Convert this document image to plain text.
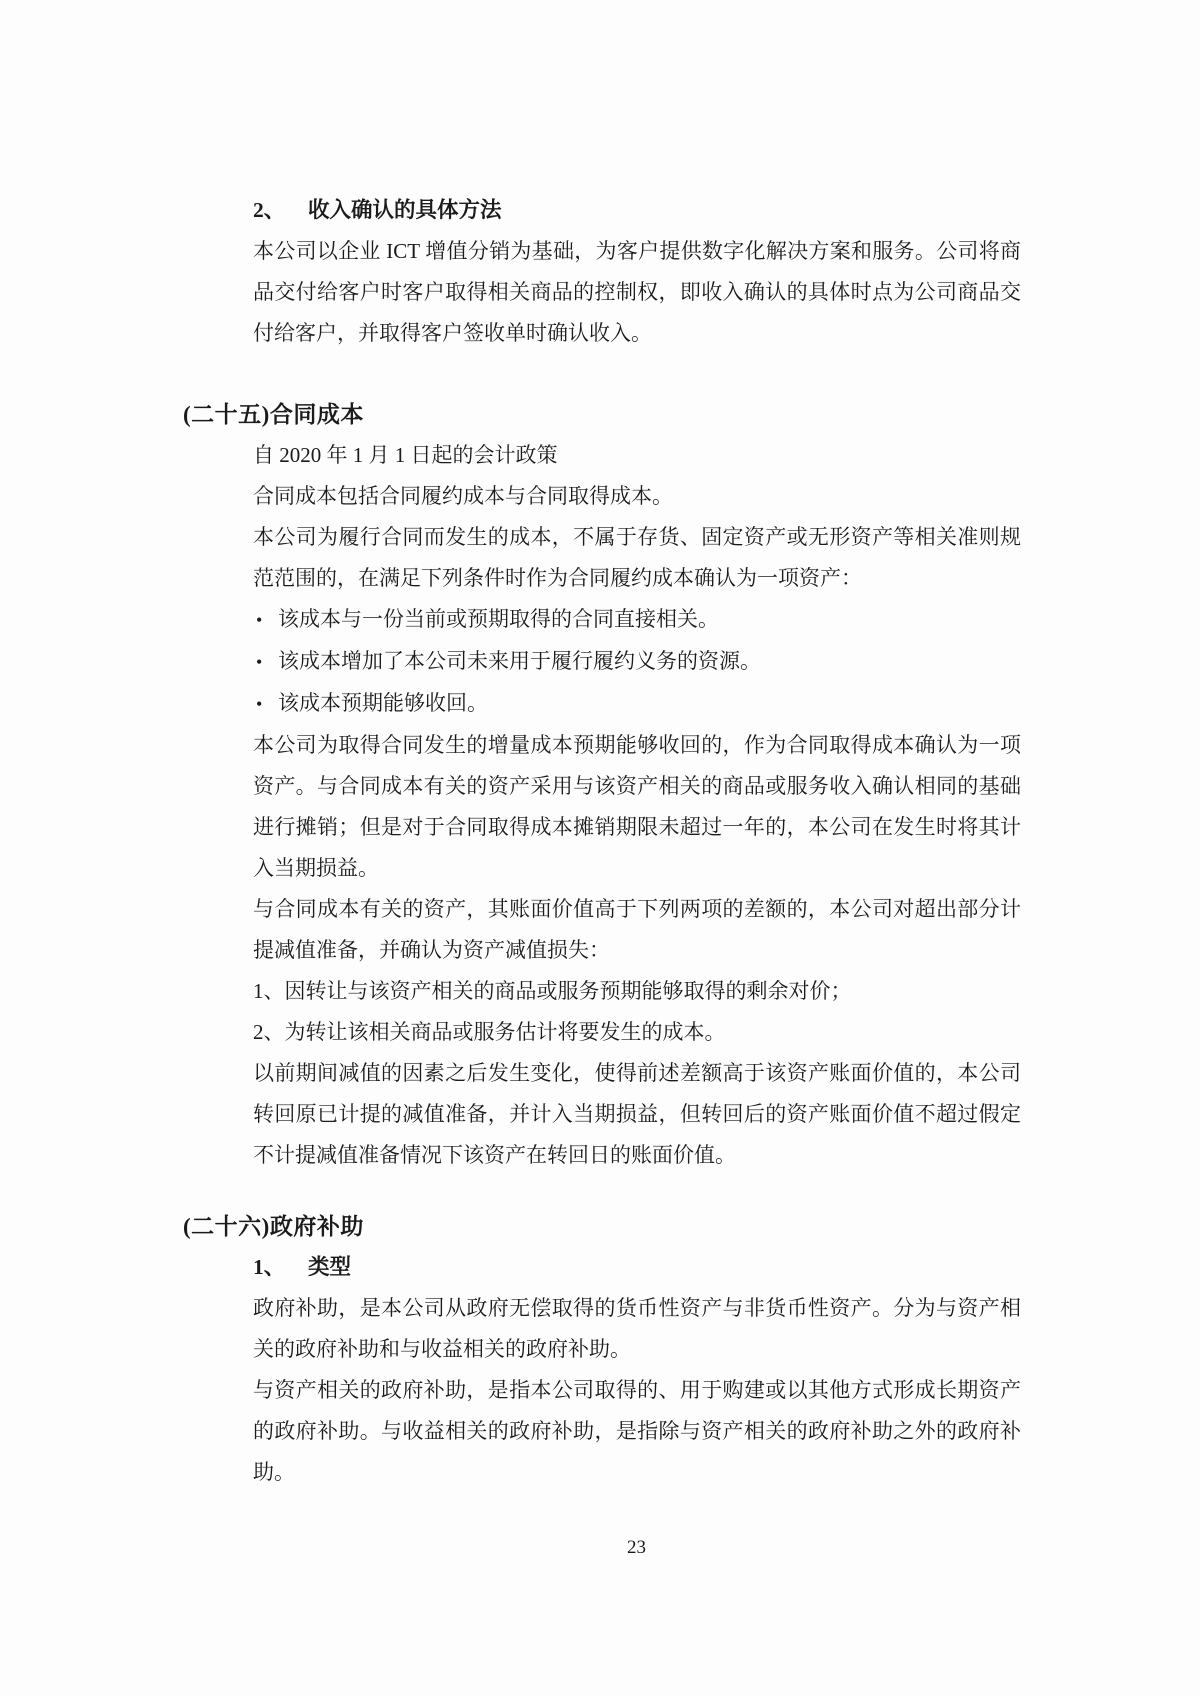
2、 收入确认的具体方法

本公司以企业 ICT 增值分销为基础，为客户提供数字化解决方案和服务。公司将商品交付给客户时客户取得相关商品的控制权，即收入确认的具体时点为公司商品交付给客户，并取得客户签收单时确认收入。

(二十五)合同成本

自 2020 年 1 月 1 日起的会计政策

合同成本包括合同履约成本与合同取得成本。

本公司为履行合同而发生的成本，不属于存货、固定资产或无形资产等相关准则规范范围的，在满足下列条件时作为合同履约成本确认为一项资产：

• 该成本与一份当前或预期取得的合同直接相关。
• 该成本增加了本公司未来用于履行履约义务的资源。
• 该成本预期能够收回。

本公司为取得合同发生的增量成本预期能够收回的，作为合同取得成本确认为一项资产。与合同成本有关的资产采用与该资产相关的商品或服务收入确认相同的基础进行摊销；但是对于合同取得成本摊销期限未超过一年的，本公司在发生时将其计入当期损益。

与合同成本有关的资产，其账面价值高于下列两项的差额的，本公司对超出部分计提减值准备，并确认为资产减值损失：

1、因转让与该资产相关的商品或服务预期能够取得的剩余对价；

2、为转让该相关商品或服务估计将要发生的成本。

以前期间减值的因素之后发生变化，使得前述差额高于该资产账面价值的，本公司转回原已计提的减值准备，并计入当期损益，但转回后的资产账面价值不超过假定不计提减值准备情况下该资产在转回日的账面价值。

(二十六)政府补助
1、 类型

政府补助，是本公司从政府无偿取得的货币性资产与非货币性资产。分为与资产相关的政府补助和与收益相关的政府补助。

与资产相关的政府补助，是指本公司取得的、用于购建或以其他方式形成长期资产的政府补助。与收益相关的政府补助，是指除与资产相关的政府补助之外的政府补助。

23
